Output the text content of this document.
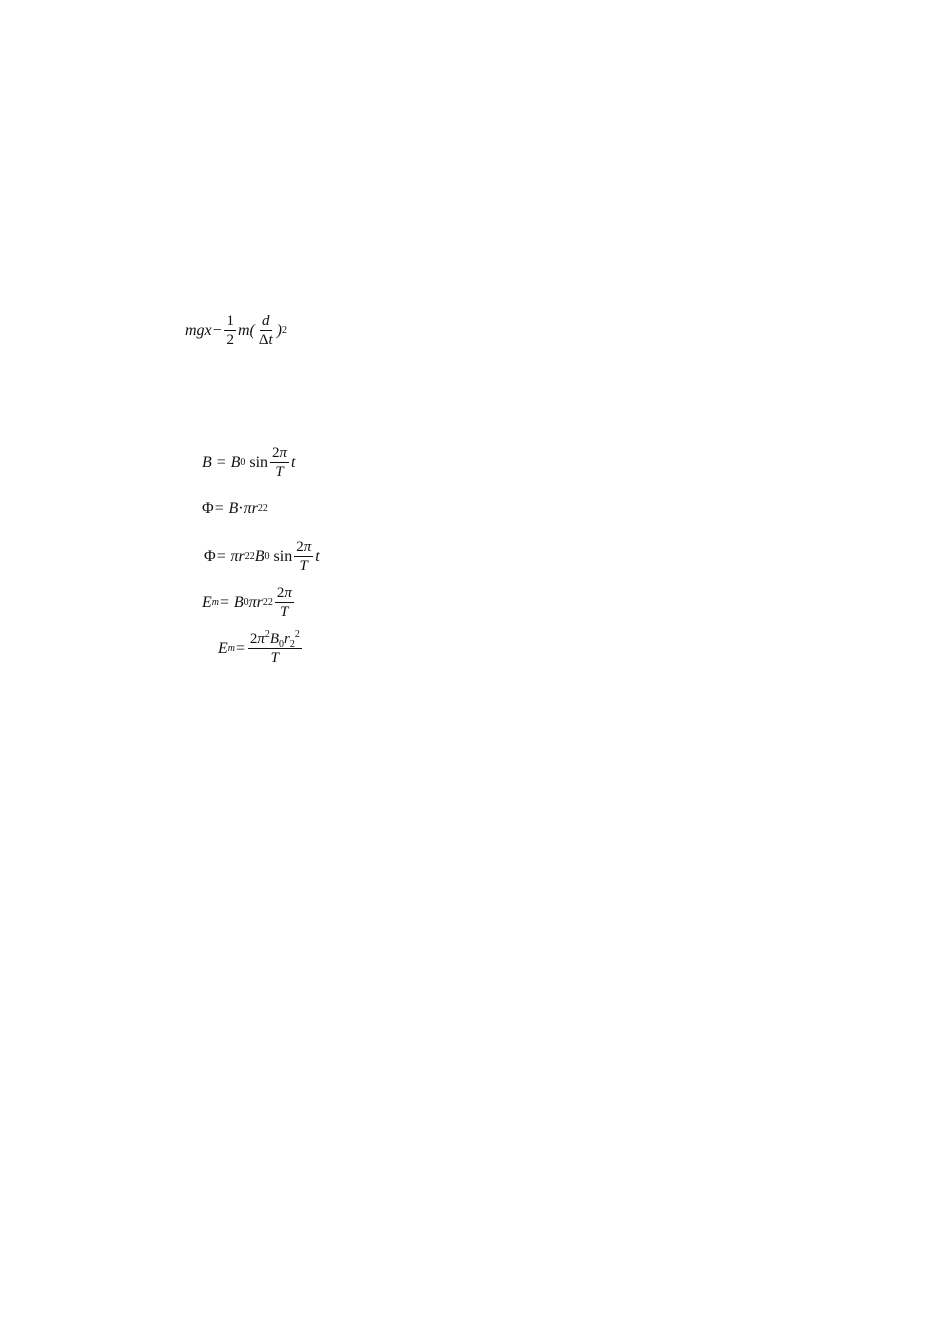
$mgx- \frac{1}{2} m( \frac{d}{\Delta t}$ ) 2
B = B 0 $\sin \frac{2\pi}{T}$ t
Φ = B · πr 2 2
Φ = πr 2 2 B 0 $\sin \frac{2\pi}{T}$ t
E m = B 0 πr 2 $2 \frac{2\pi}{T}$
E $m = \frac{2\pi^2B_0r_2^2}{T}$
